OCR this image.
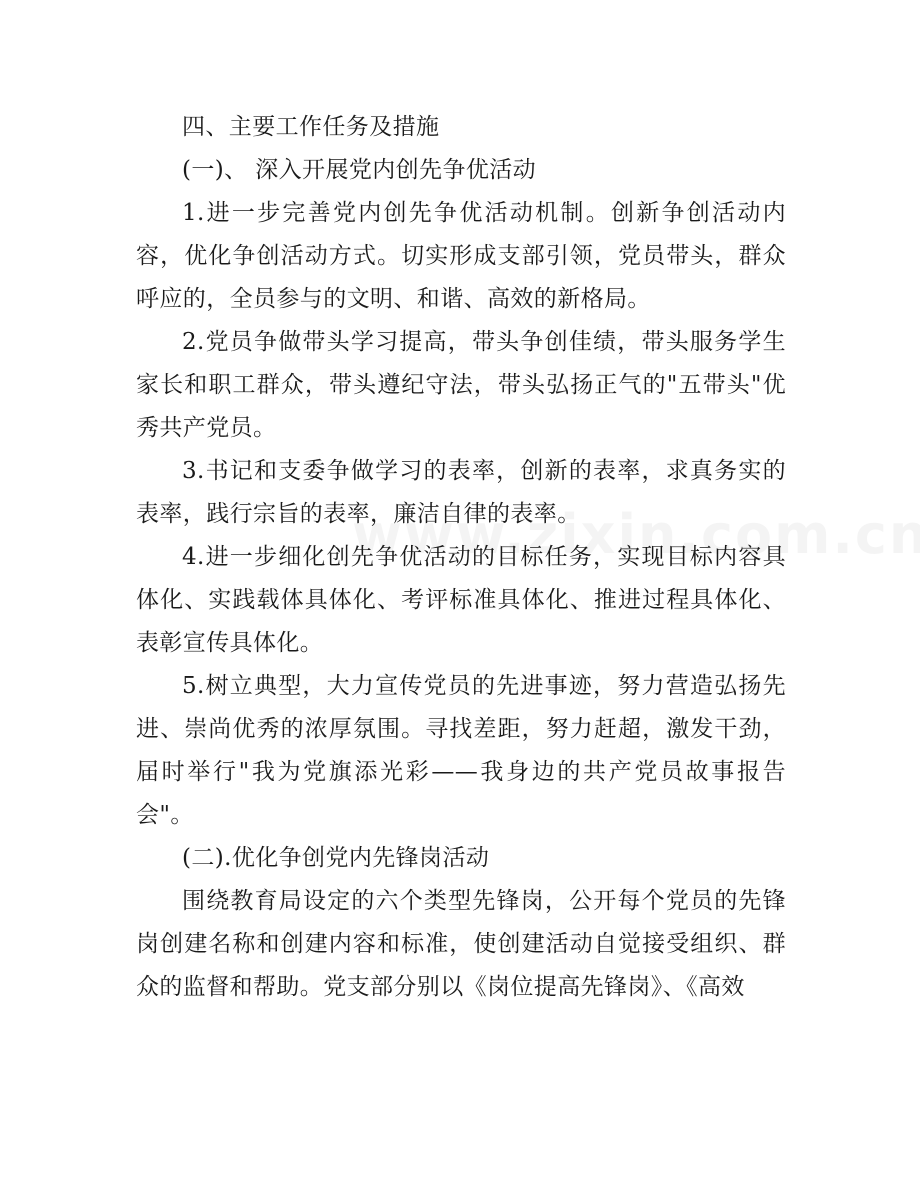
四、主要工作任务及措施

(一)、 深入开展党内创先争优活动

1.进一步完善党内创先争优活动机制。创新争创活动内容，优化争创活动方式。切实形成支部引领，党员带头，群众呼应的，全员参与的文明、和谐、高效的新格局。

2.党员争做带头学习提高，带头争创佳绩，带头服务学生家长和职工群众，带头遵纪守法，带头弘扬正气的"五带头"优秀共产党员。

3.书记和支委争做学习的表率，创新的表率，求真务实的表率，践行宗旨的表率，廉洁自律的表率。

4.进一步细化创先争优活动的目标任务，实现目标内容具体化、实践载体具体化、考评标准具体化、推进过程具体化、表彰宣传具体化。

5.树立典型，大力宣传党员的先进事迹，努力营造弘扬先进、崇尚优秀的浓厚氛围。寻找差距，努力赶超，激发干劲，届时举行"我为党旗添光彩——我身边的共产党员故事报告会"。

(二).优化争创党内先锋岗活动

围绕教育局设定的六个类型先锋岗，公开每个党员的先锋岗创建名称和创建内容和标准，使创建活动自觉接受组织、群众的监督和帮助。党支部分别以《岗位提高先锋岗》、《高效
